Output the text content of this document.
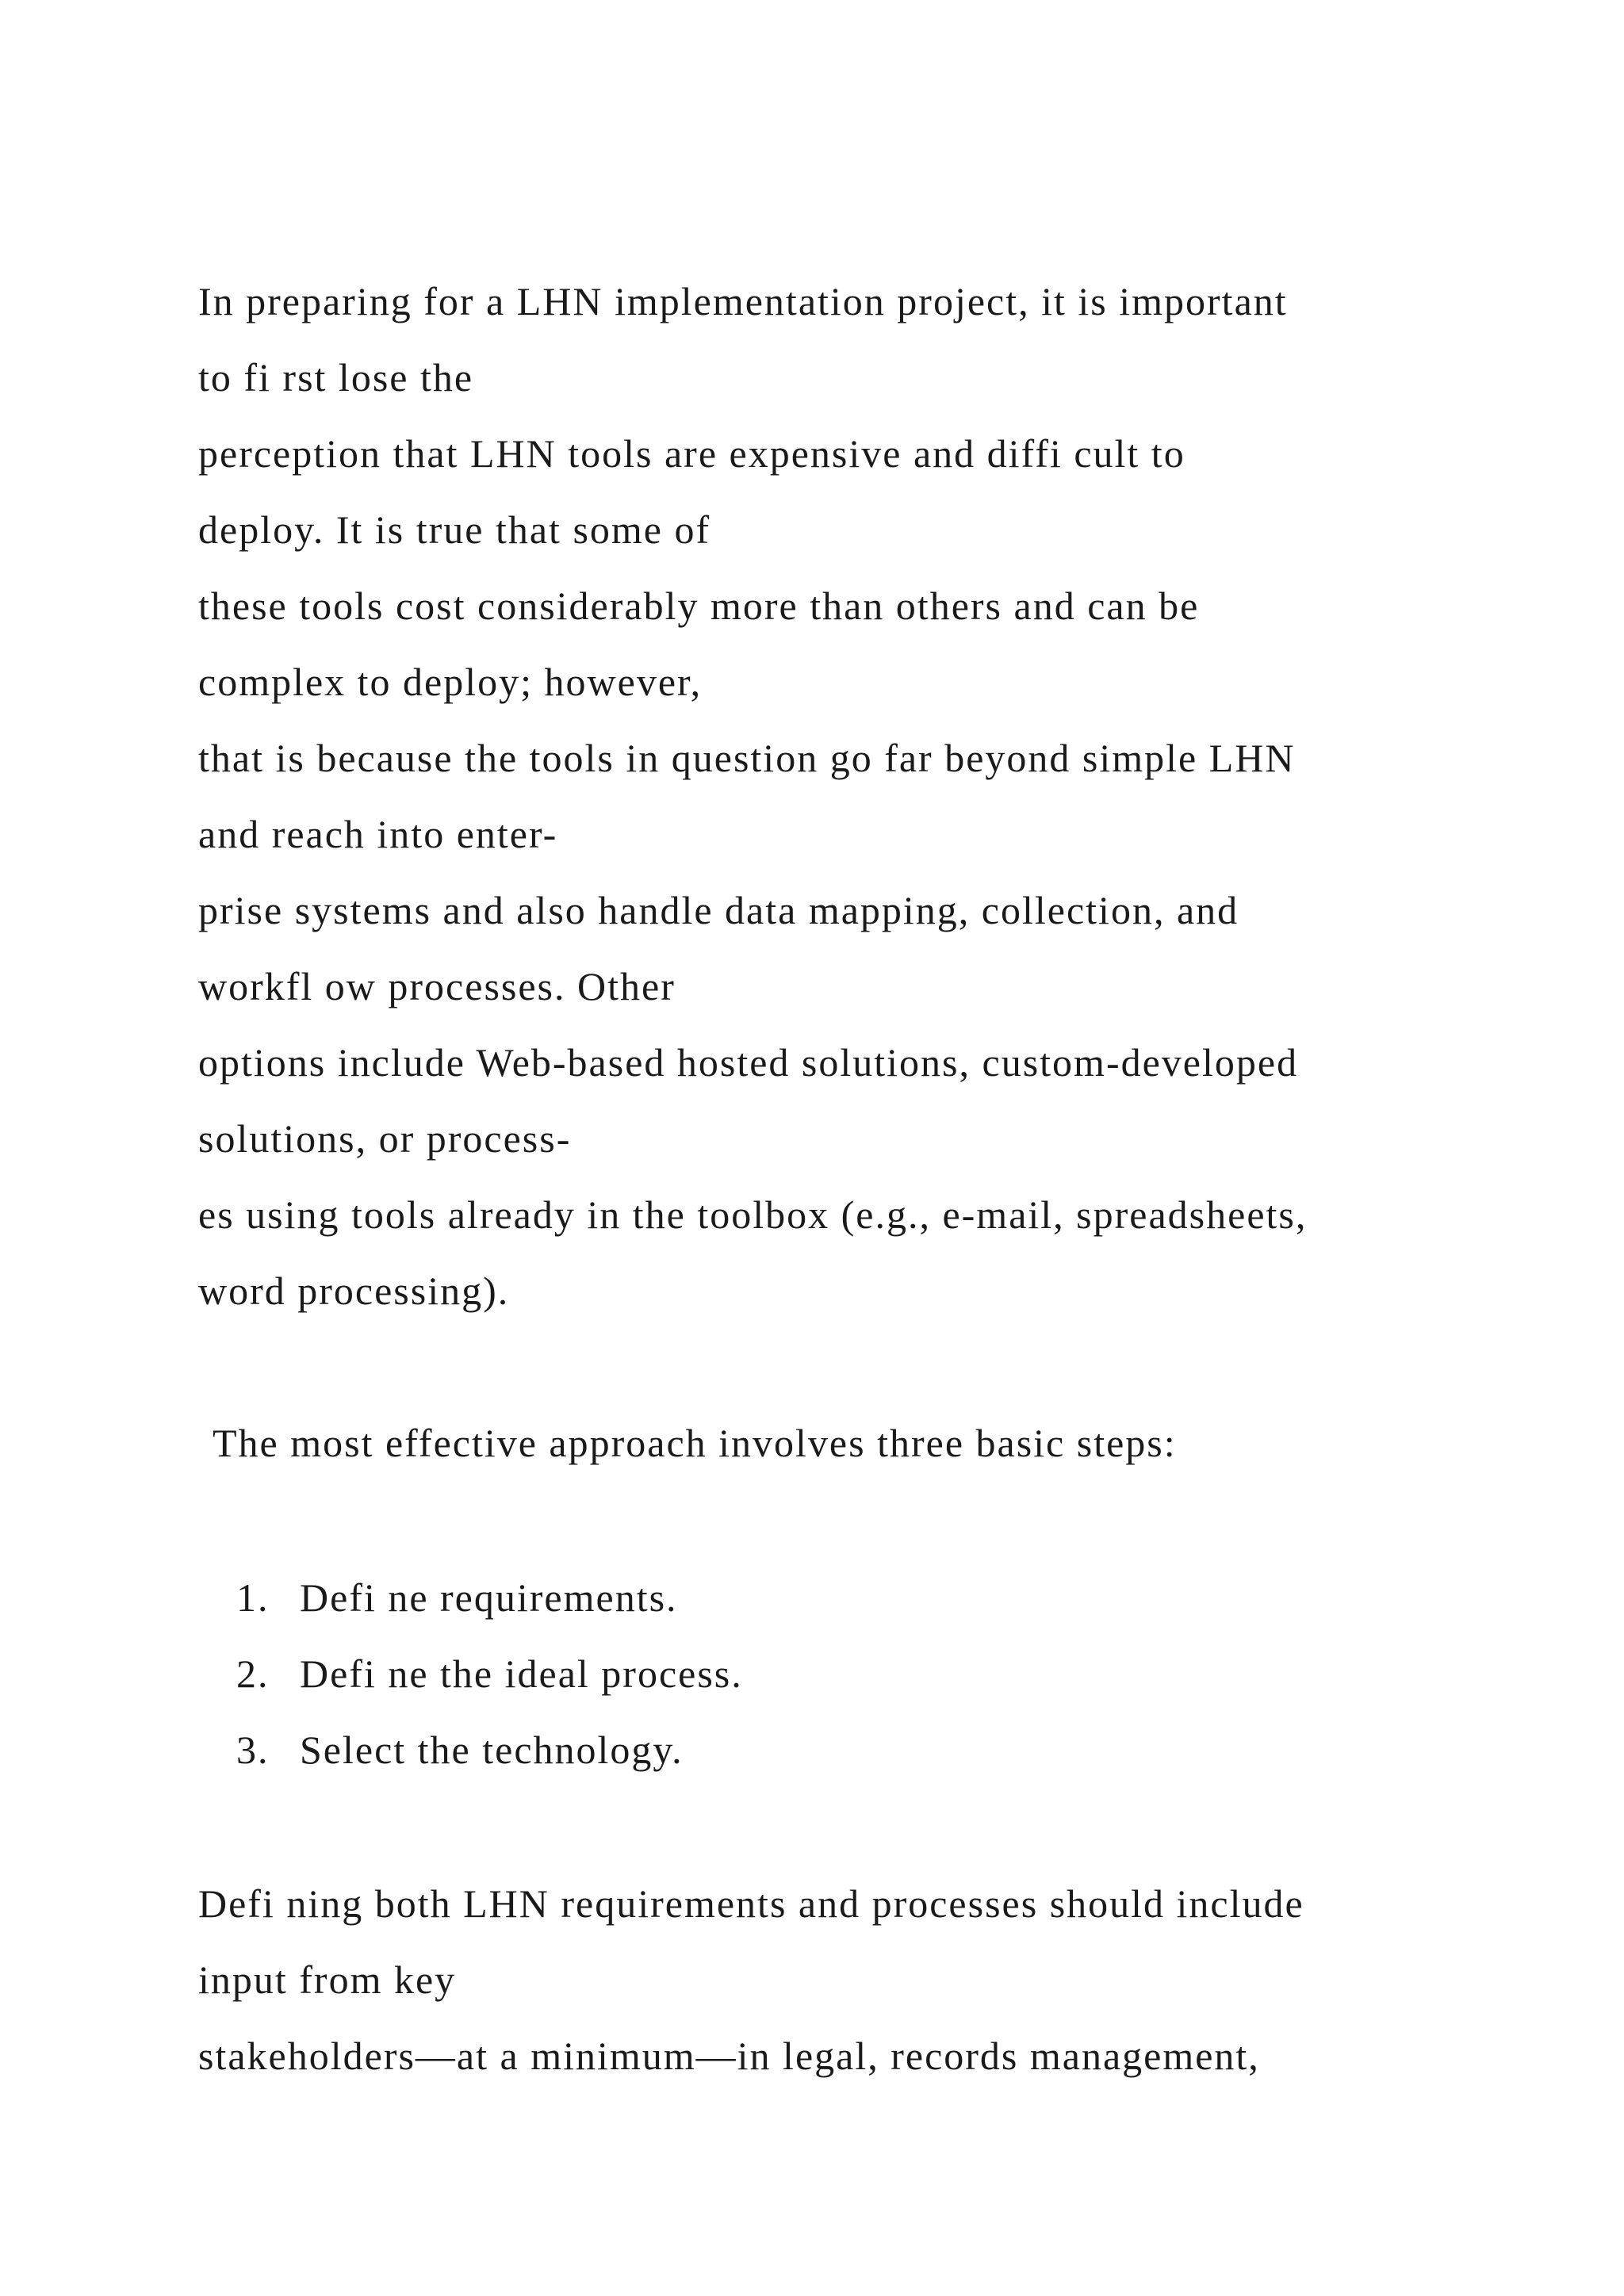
In preparing for a LHN implementation project, it is important
to fi rst lose the
perception that LHN tools are expensive and diffi cult to
deploy. It is true that some of
these tools cost considerably more than others and can be
complex to deploy; however,
that is because the tools in question go far beyond simple LHN
and reach into enter-
prise systems and also handle data mapping, collection, and
workfl ow processes. Other
options include Web-based hosted solutions, custom-developed
solutions, or process-
es using tools already in the toolbox (e.g., e-mail, spreadsheets,
word processing).
The most effective approach involves three basic steps:
1. Defi ne requirements.
2. Defi ne the ideal process.
3. Select the technology.
Defi ning both LHN requirements and processes should include
input from key
stakeholders—at a minimum—in legal, records management,
